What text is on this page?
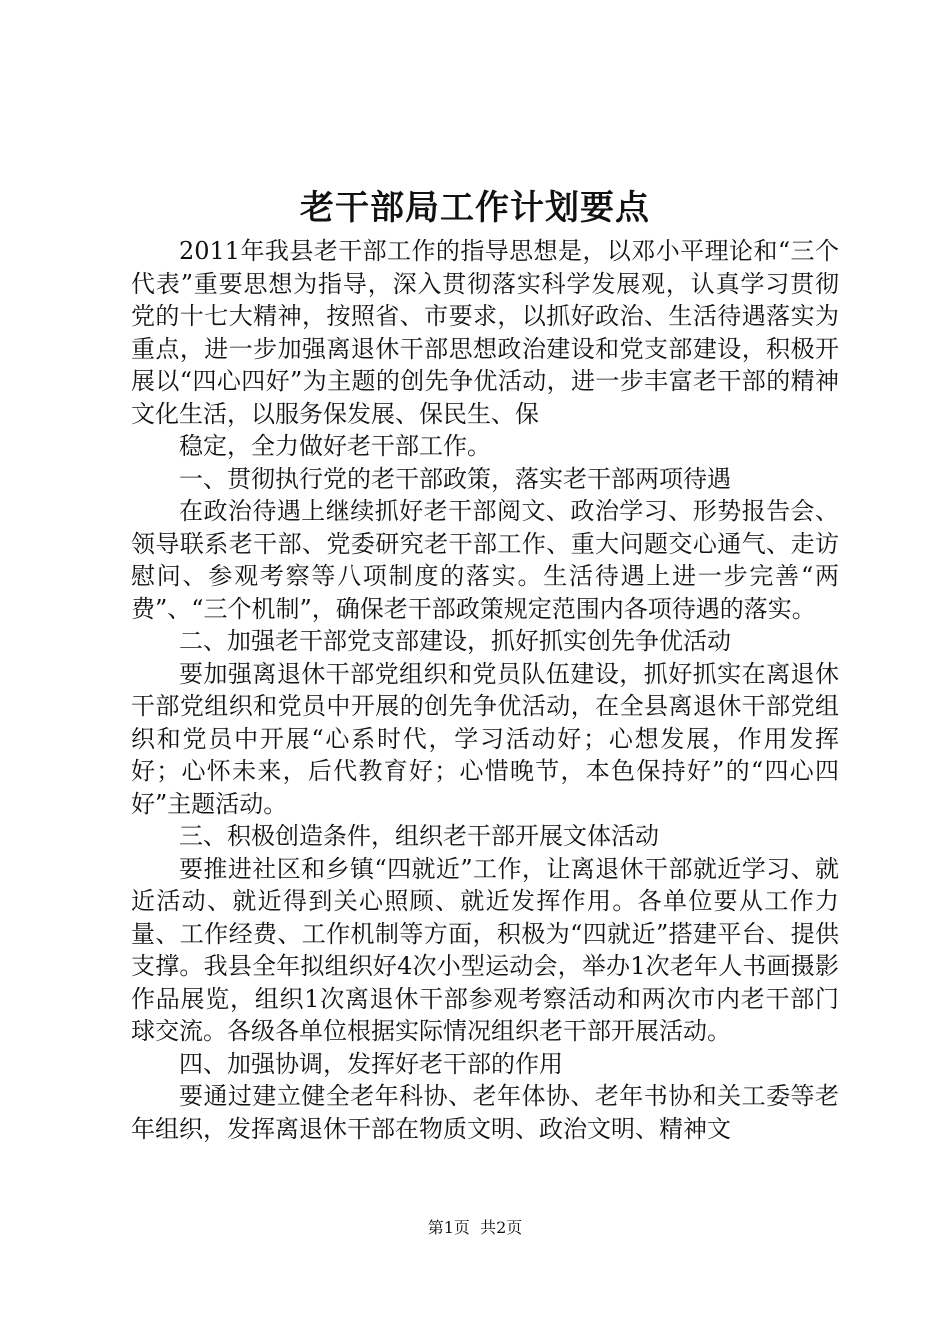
老干部局工作计划要点

2011年我县老干部工作的指导思想是，以邓小平理论和“三个代表”重要思想为指导，深入贯彻落实科学发展观，认真学习贯彻党的十七大精神，按照省、市要求，以抓好政治、生活待遇落实为重点，进一步加强离退休干部思想政治建设和党支部建设，积极开展以“四心四好”为主题的创先争优活动，进一步丰富老干部的精神文化生活，以服务保发展、保民生、保

稳定，全力做好老干部工作。

一、贯彻执行党的老干部政策，落实老干部两项待遇

在政治待遇上继续抓好老干部阅文、政治学习、形势报告会、领导联系老干部、党委研究老干部工作、重大问题交心通气、走访慰问、参观考察等八项制度的落实。生活待遇上进一步完善“两费”、“三个机制”，确保老干部政策规定范围内各项待遇的落实。

二、加强老干部党支部建设，抓好抓实创先争优活动

要加强离退休干部党组织和党员队伍建设，抓好抓实在离退休干部党组织和党员中开展的创先争优活动，在全县离退休干部党组织和党员中开展“心系时代，学习活动好；心想发展，作用发挥好；心怀未来，后代教育好；心惜晚节，本色保持好”的“四心四好”主题活动。

三、积极创造条件，组织老干部开展文体活动

要推进社区和乡镇“四就近”工作，让离退休干部就近学习、就近活动、就近得到关心照顾、就近发挥作用。各单位要从工作力量、工作经费、工作机制等方面，积极为“四就近”搭建平台、提供支撑。我县全年拟组织好4次小型运动会，举办1次老年人书画摄影作品展览，组织1次离退休干部参观考察活动和两次市内老干部门球交流。各级各单位根据实际情况组织老干部开展活动。

四、加强协调，发挥好老干部的作用

要通过建立健全老年科协、老年体协、老年书协和关工委等老年组织，发挥离退休干部在物质文明、政治文明、精神文

第1页  共2页
